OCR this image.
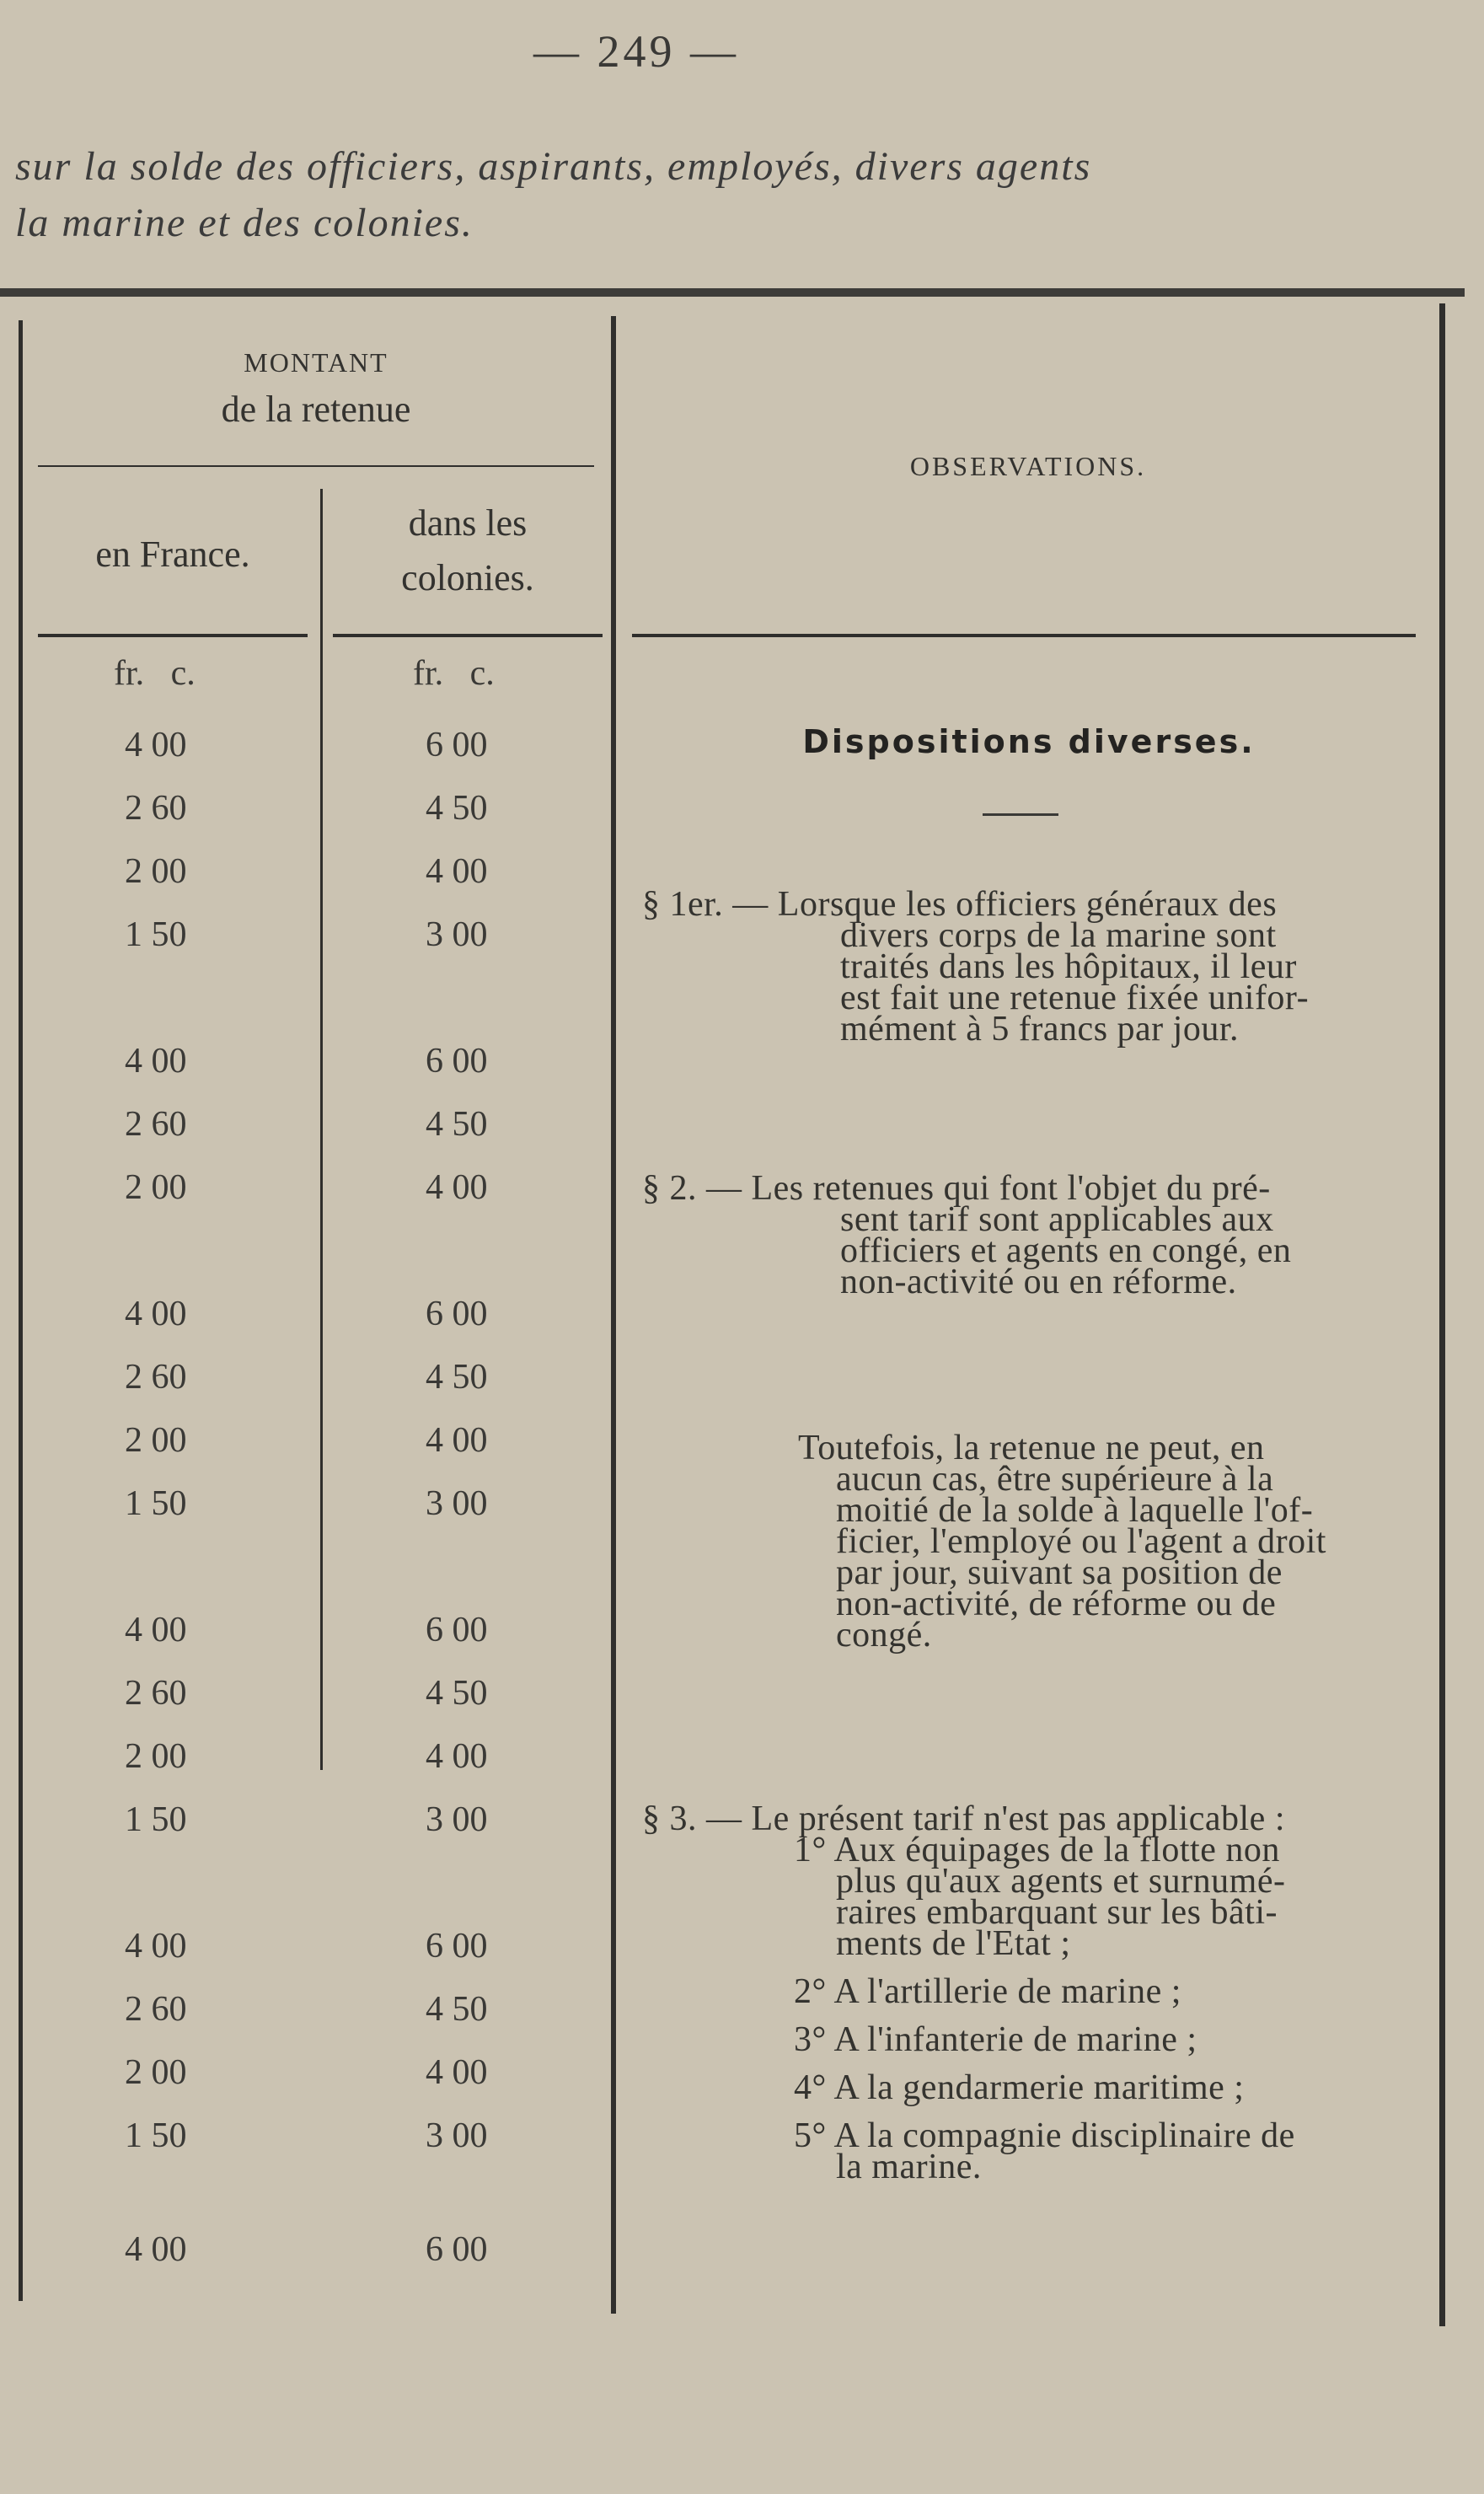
— 249 —
sur la solde des officiers, aspirants, employés, divers agents
la marine et des colonies.
MONTANT
de la retenue
en France.
dans les
colonies.
OBSERVATIONS.
fr.   c.	fr.   c.
4 00
2 60
2 00
1 50
4 00
2 60
2 00
4 00
2 60
2 00
1 50
4 00
2 60
2 00
1 50
4 00
2 60
2 00
1 50
4 00
6 00
4 50
4 00
3 00
6 00
4 50
4 00
6 00
4 50
4 00
3 00
6 00
4 50
4 00
3 00
6 00
4 50
4 00
3 00
6 00
Dispositions diverses.
§ 1er. — Lorsque les officiers généraux des
divers corps de la marine sont
traités dans les hôpitaux, il leur
est fait une retenue fixée unifor-
mément à 5 francs par jour.
§ 2. — Les retenues qui font l'objet du pré-
sent tarif sont applicables aux
officiers et agents en congé, en
non-activité ou en réforme.
Toutefois, la retenue ne peut, en
aucun cas, être supérieure à la
moitié de la solde à laquelle l'of-
ficier, l'employé ou l'agent a droit
par jour, suivant sa position de
non-activité, de réforme ou de
congé.
§ 3. — Le présent tarif n'est pas applicable :
1° Aux équipages de la flotte non
plus qu'aux agents et surnumé-
raires embarquant sur les bâti-
ments de l'Etat ;
2° A l'artillerie de marine ;
3° A l'infanterie de marine ;
4° A la gendarmerie maritime ;
5° A la compagnie disciplinaire de
la marine.
